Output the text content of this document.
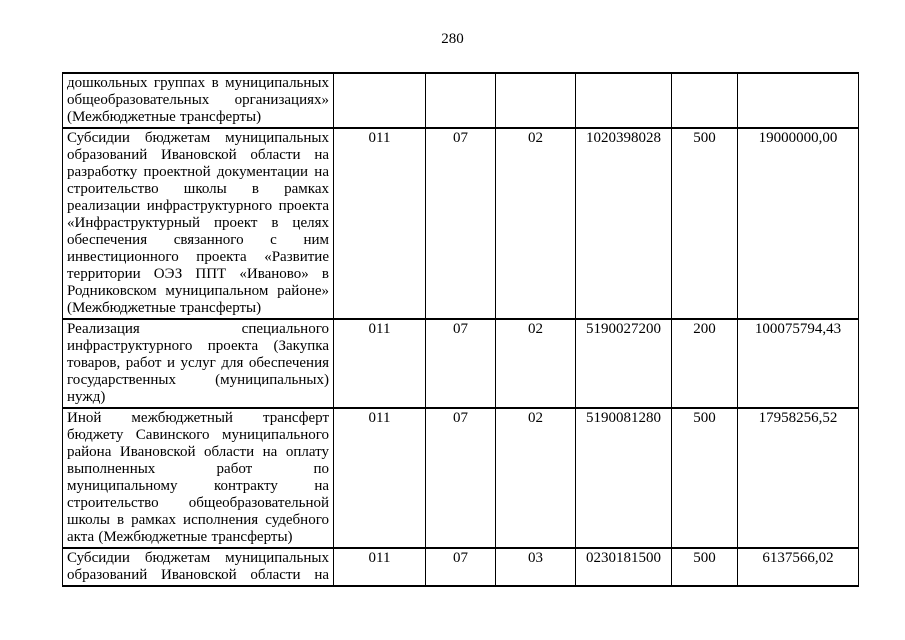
280
дошкольных группах в муниципальных общеобразовательных организациях» (Межбюджетные трансферты)						
Субсидии бюджетам муниципальных образований Ивановской области на разработку проектной документации на строительство школы в рамках реализации инфраструктурного проекта «Инфраструктурный проект в целях обеспечения связанного с ним инвестиционного проекта «Развитие территории ОЭЗ ППТ «Иваново» в Родниковском муниципальном районе» (Межбюджетные трансферты)	011	07	02	1020398028	500	19000000,00
Реализация специального инфраструктурного проекта (Закупка товаров, работ и услуг для обеспечения государственных (муниципальных) нужд)	011	07	02	5190027200	200	100075794,43
Иной межбюджетный трансферт бюджету Савинского муниципального района Ивановской области на оплату выполненных работ по муниципальному контракту на строительство общеобразовательной школы в рамках исполнения судебного акта (Межбюджетные трансферты)	011	07	02	5190081280	500	17958256,52
Субсидии бюджетам муниципальных образований Ивановской области на	011	07	03	0230181500	500	6137566,02
